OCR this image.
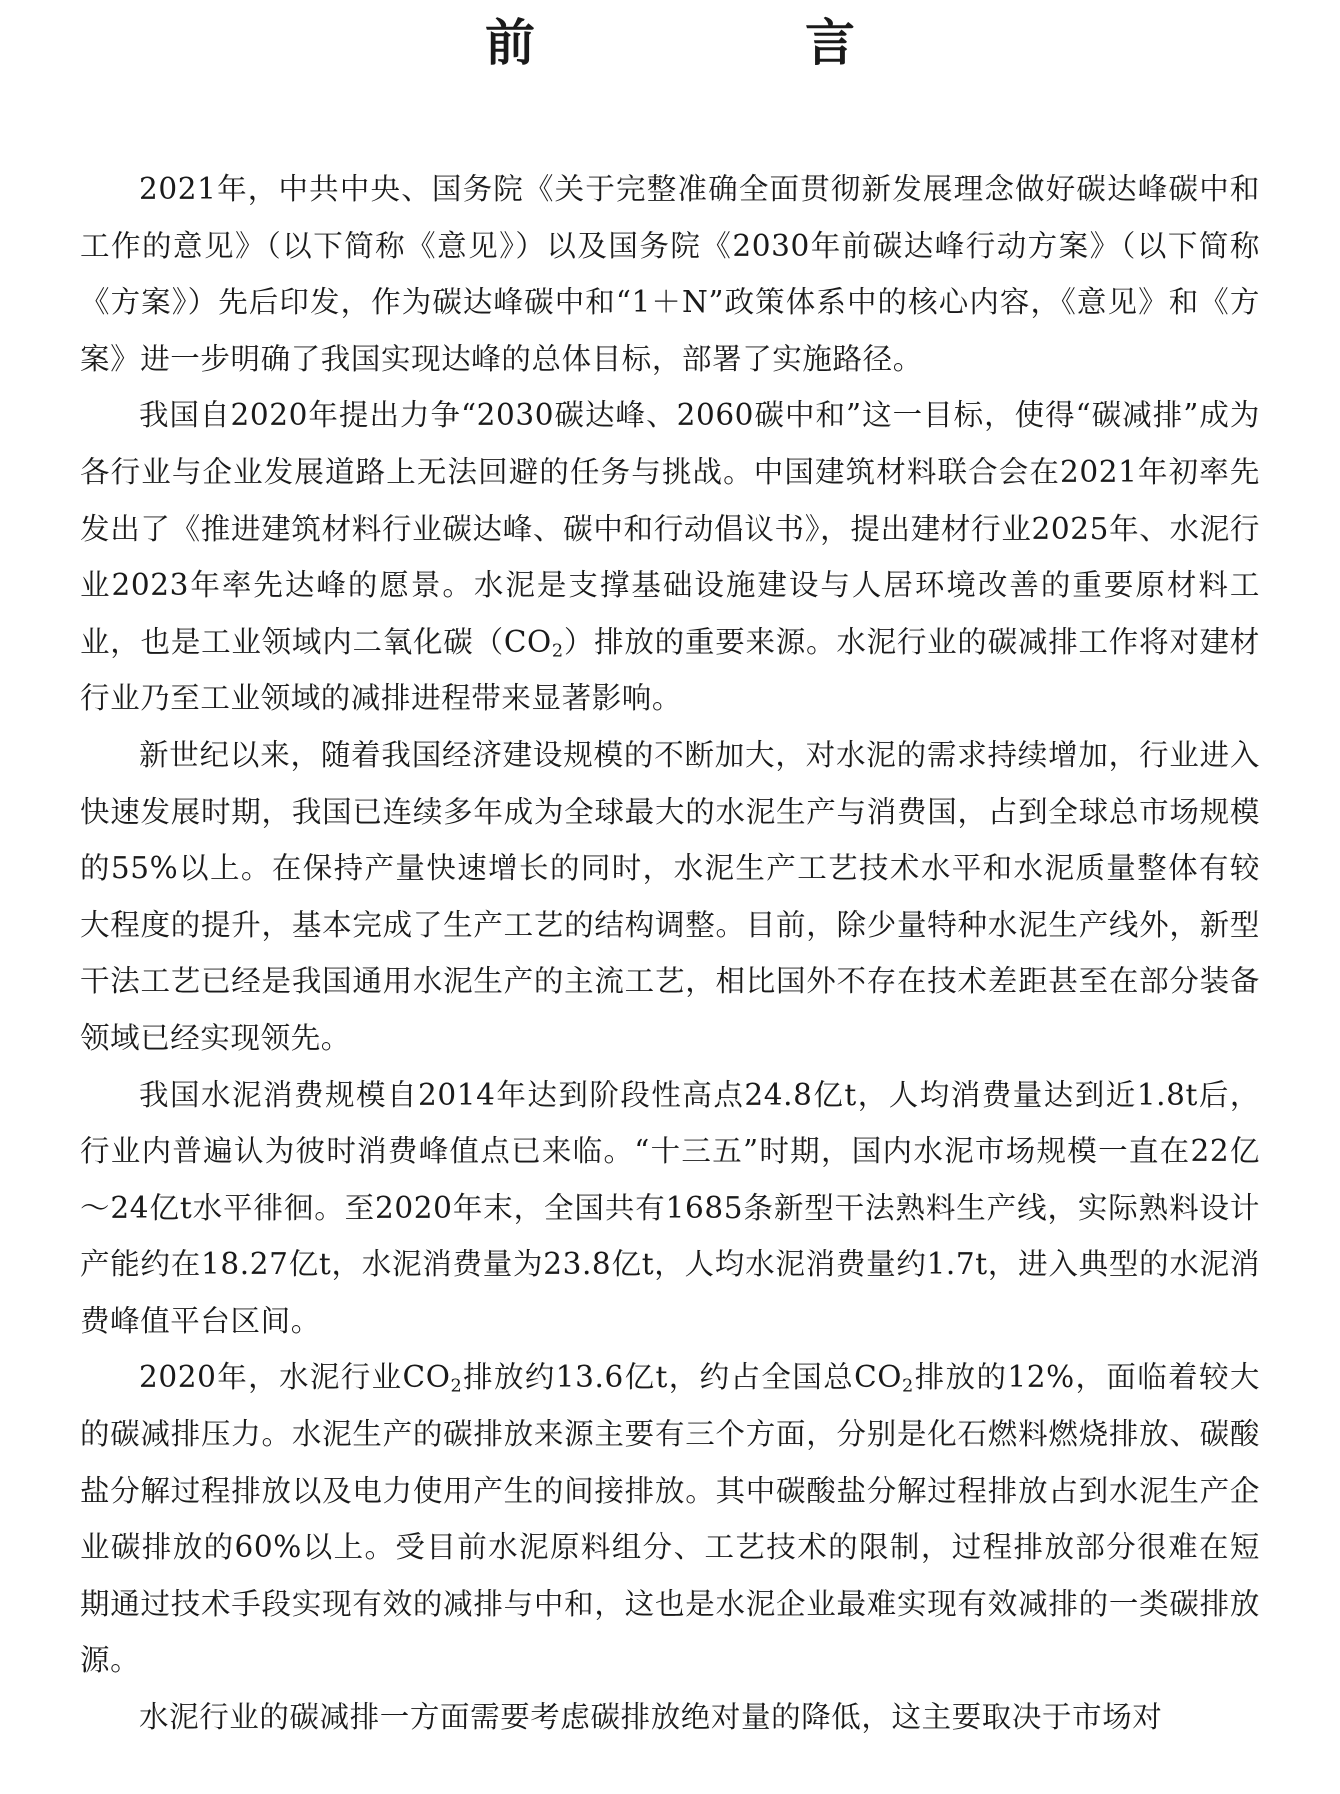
前　言

2021年，中共中央、国务院《关于完整准确全面贯彻新发展理念做好碳达峰碳中和工作的意见》（以下简称《意见》）以及国务院《2030年前碳达峰行动方案》（以下简称《方案》）先后印发，作为碳达峰碳中和“1＋N”政策体系中的核心内容，《意见》和《方案》进一步明确了我国实现达峰的总体目标，部署了实施路径。

我国自2020年提出力争“2030碳达峰、2060碳中和”这一目标，使得“碳减排”成为各行业与企业发展道路上无法回避的任务与挑战。中国建筑材料联合会在2021年初率先发出了《推进建筑材料行业碳达峰、碳中和行动倡议书》，提出建材行业2025年、水泥行业2023年率先达峰的愿景。水泥是支撑基础设施建设与人居环境改善的重要原材料工业，也是工业领域内二氧化碳$(CO_2)$排放的重要来源。水泥行业的碳减排工作将对建材行业乃至工业领域的减排进程带来显著影响。

新世纪以来，随着我国经济建设规模的不断加大，对水泥的需求持续增加，行业进入快速发展时期，我国已连续多年成为全球最大的水泥生产与消费国，占到全球总市场规模的55%以上。在保持产量快速增长的同时，水泥生产工艺技术水平和水泥质量整体有较大程度的提升，基本完成了生产工艺的结构调整。目前，除少量特种水泥生产线外，新型干法工艺已经是我国通用水泥生产的主流工艺，相比国外不存在技术差距甚至在部分装备领域已经实现领先。

我国水泥消费规模自2014年达到阶段性高点24.8亿t，人均消费量达到近1.8t后，行业内普遍认为彼时消费峰值点已来临。“十三五”时期，国内水泥市场规模一直在22亿～24亿t水平徘徊。至2020年末，全国共有1685条新型干法熟料生产线，实际熟料设计产能约在18.27亿t，水泥消费量为23.8亿t，人均水泥消费量约1.7t，进入典型的水泥消费峰值平台区间。

2020年，水泥行业$CO_2$排放约13.6亿t，约占全国总$CO_2$排放的12%，面临着较大的碳减排压力。水泥生产的碳排放来源主要有三个方面，分别是化石燃料燃烧排放、碳酸盐分解过程排放以及电力使用产生的间接排放。其中碳酸盐分解过程排放占到水泥生产企业碳排放的60%以上。受目前水泥原料组分、工艺技术的限制，过程排放部分很难在短期通过技术手段实现有效的减排与中和，这也是水泥企业最难实现有效减排的一类碳排放源。

水泥行业的碳减排一方面需要考虑碳排放绝对量的降低，这主要取决于市场对
